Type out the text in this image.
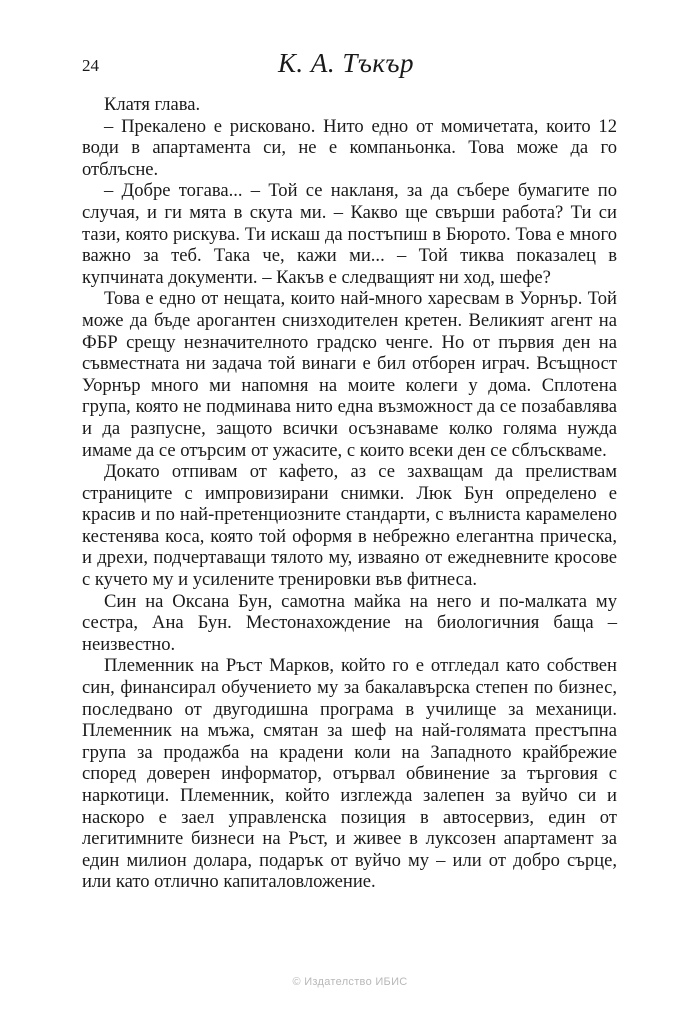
24	К. А. Тъкър

Клатя глава.

– Прекалено е рисковано. Нито едно от момичетата, които 12 води в апартамента си, не е компаньонка. Това може да го отблъсне.

– Добре тогава... – Той се накланя, за да събере бумагите по случая, и ги мята в скута ми. – Какво ще свърши работа? Ти си тази, която рискува. Ти искаш да постъпиш в Бюрото. Това е много важно за теб. Така че, кажи ми... – Той тиква показалец в купчината документи. – Какъв е следващият ни ход, шефе?

Това е едно от нещата, които най-много харесвам в Уорнър. Той може да бъде арогантен снизходителен кретен. Великият агент на ФБР срещу незначителното градско ченге. Но от първия ден на съвместната ни задача той винаги е бил отборен играч. Всъщност Уорнър много ми напомня на моите колеги у дома. Сплотена група, която не подминава нито една възможност да се позабавлява и да разпусне, защото всички осъзнаваме колко голяма нужда имаме да се отърсим от ужасите, с които всеки ден се сблъскваме.

Докато отпивам от кафето, аз се захващам да прелиствам страниците с импровизирани снимки. Люк Бун определено е красив и по най-претенциозните стандарти, с вълниста карамелено кестенява коса, която той оформя в небрежно елегантна прическа, и дрехи, подчертаващи тялото му, изваяно от ежедневните кросове с кучето му и усилените тренировки във фитнеса.

Син на Оксана Бун, самотна майка на него и по-малката му сестра, Ана Бун. Местонахождение на биологичния баща – неизвестно.

Племенник на Ръст Марков, който го е отгледал като собствен син, финансирал обучението му за бакалавърска степен по бизнес, последвано от двугодишна програма в училище за механици. Племенник на мъжа, смятан за шеф на най-голямата престъпна група за продажба на крадени коли на Западното крайбрежие според доверен информатор, отървал обвинение за търговия с наркотици. Племенник, който изглежда залепен за вуйчо си и наскоро е заел управленска позиция в автосервиз, един от легитимните бизнеси на Ръст, и живее в луксозен апартамент за един милион долара, подарък от вуйчо му – или от добро сърце, или като отлично капиталовложение.

© Издателство ИБИС
